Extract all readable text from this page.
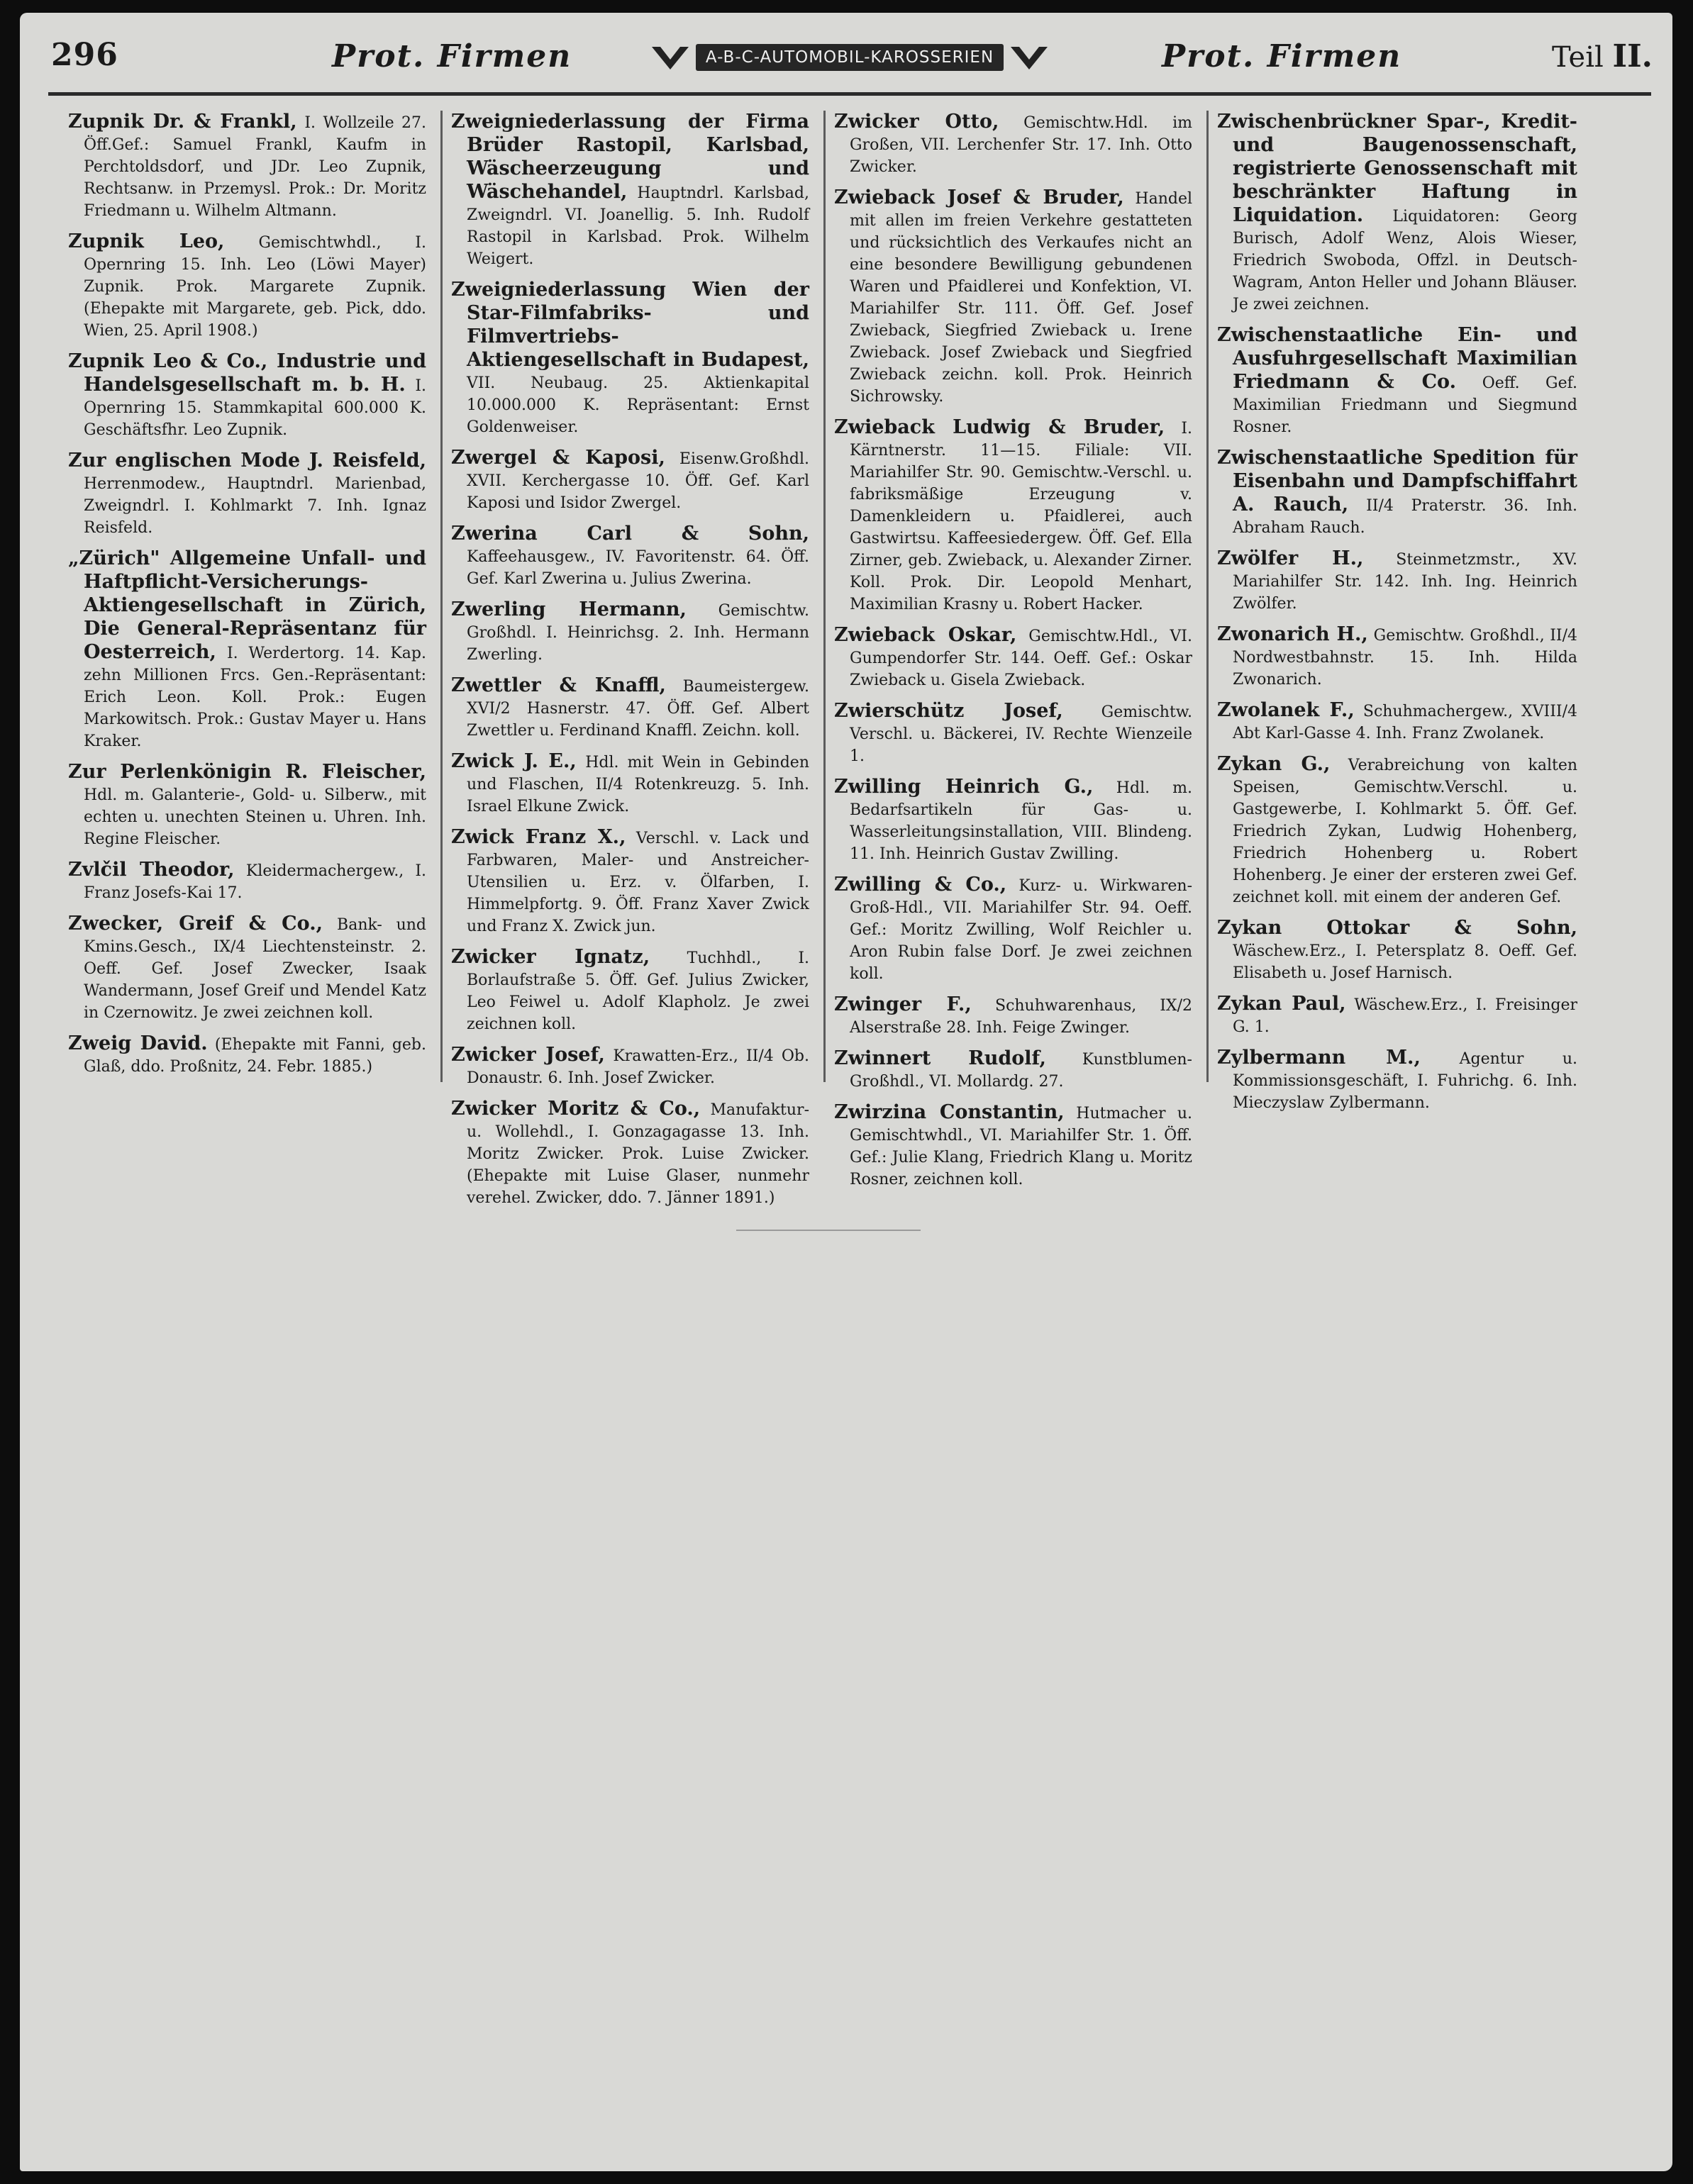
296	Prot. Firmen	A-B-C-AUTOMOBIL-KAROSSERIEN	Prot. Firmen	Teil II.

Zupnik Dr. & Frankl, I. Wollzeile 27. Öff.Gef.: Samuel Frankl, Kaufm in Perchtoldsdorf, und JDr. Leo Zupnik, Rechtsanw. in Przemysl. Prok.: Dr. Moritz Friedmann u. Wilhelm Altmann.

Zupnik Leo, Gemischtwhdl., I. Opernring 15. Inh. Leo (Löwi Mayer) Zupnik. Prok. Margarete Zupnik. (Ehepakte mit Margarete, geb. Pick, ddo. Wien, 25. April 1908.)

Zupnik Leo & Co., Industrie und Handelsgesellschaft m. b. H. I. Opernring 15. Stammkapital 600.000 K. Geschäftsfhr. Leo Zupnik.

Zur englischen Mode J. Reisfeld, Herrenmodew., Hauptndrl. Marienbad, Zweigndrl. I. Kohlmarkt 7. Inh. Ignaz Reisfeld.

„Zürich" Allgemeine Unfall- und Haftpflicht-Versicherungs-Aktiengesellschaft in Zürich, Die General-Repräsentanz für Oesterreich, I. Werdertorg. 14. Kap. zehn Millionen Frcs. Gen.-Repräsentant: Erich Leon. Koll. Prok.: Eugen Markowitsch. Prok.: Gustav Mayer u. Hans Kraker.

Zur Perlenkönigin R. Fleischer, Hdl. m. Galanterie-, Gold- u. Silberw., mit echten u. unechten Steinen u. Uhren. Inh. Regine Fleischer.

Zvlčil Theodor, Kleidermachergew., I. Franz Josefs-Kai 17.

Zwecker, Greif & Co., Bank- und Kmins.Gesch., IX/4 Liechtensteinstr. 2. Oeff. Gef. Josef Zwecker, Isaak Wandermann, Josef Greif und Mendel Katz in Czernowitz. Je zwei zeichnen koll.

Zweig David. (Ehepakte mit Fanni, geb. Glaß, ddo. Proßnitz, 24. Febr. 1885.)

Zweigniederlassung der Firma Brüder Rastopil, Karlsbad, Wäscheerzeugung und Wäschehandel, Hauptndrl. Karlsbad, Zweigndrl. VI. Joanellig. 5. Inh. Rudolf Rastopil in Karlsbad. Prok. Wilhelm Weigert.

Zweigniederlassung Wien der Star-Filmfabriks- und Filmvertriebs-Aktiengesellschaft in Budapest, VII. Neubaug. 25. Aktienkapital 10.000.000 K. Repräsentant: Ernst Goldenweiser.

Zwergel & Kaposi, Eisenw.Großhdl. XVII. Kerchergasse 10. Öff. Gef. Karl Kaposi und Isidor Zwergel.

Zwerina Carl & Sohn, Kaffeehausgew., IV. Favoritenstr. 64. Öff. Gef. Karl Zwerina u. Julius Zwerina.

Zwerling Hermann, Gemischtw. Großhdl. I. Heinrichsg. 2. Inh. Hermann Zwerling.

Zwettler & Knaffl, Baumeistergew. XVI/2 Hasnerstr. 47. Öff. Gef. Albert Zwettler u. Ferdinand Knaffl. Zeichn. koll.

Zwick J. E., Hdl. mit Wein in Gebinden und Flaschen, II/4 Rotenkreuzg. 5. Inh. Israel Elkune Zwick.

Zwick Franz X., Verschl. v. Lack und Farbwaren, Maler- und Anstreicher-Utensilien u. Erz. v. Ölfarben, I. Himmelpfortg. 9. Öff. Franz Xaver Zwick und Franz X. Zwick jun.

Zwicker Ignatz, Tuchhdl., I. Borlaufstraße 5. Öff. Gef. Julius Zwicker, Leo Feiwel u. Adolf Klapholz. Je zwei zeichnen koll.

Zwicker Josef, Krawatten-Erz., II/4 Ob. Donaustr. 6. Inh. Josef Zwicker.

Zwicker Moritz & Co., Manufaktur- u. Wollehdl., I. Gonzagagasse 13. Inh. Moritz Zwicker. Prok. Luise Zwicker. (Ehepakte mit Luise Glaser, nunmehr verehel. Zwicker, ddo. 7. Jänner 1891.)

Zwicker Otto, Gemischtw.Hdl. im Großen, VII. Lerchenfer Str. 17. Inh. Otto Zwicker.

Zwieback Josef & Bruder, Handel mit allen im freien Verkehre gestatteten und rücksichtlich des Verkaufes nicht an eine besondere Bewilligung gebundenen Waren und Pfaidlerei und Konfektion, VI. Mariahilfer Str. 111. Öff. Gef. Josef Zwieback, Siegfried Zwieback u. Irene Zwieback. Josef Zwieback und Siegfried Zwieback zeichn. koll. Prok. Heinrich Sichrowsky.

Zwieback Ludwig & Bruder, I. Kärntnerstr. 11—15. Filiale: VII. Mariahilfer Str. 90. Gemischtw.-Verschl. u. fabriksmäßige Erzeugung v. Damenkleidern u. Pfaidlerei, auch Gastwirtsu. Kaffeesiedergew. Öff. Gef. Ella Zirner, geb. Zwieback, u. Alexander Zirner. Koll. Prok. Dir. Leopold Menhart, Maximilian Krasny u. Robert Hacker.

Zwieback Oskar, Gemischtw.Hdl., VI. Gumpendorfer Str. 144. Oeff. Gef.: Oskar Zwieback u. Gisela Zwieback.

Zwierschütz Josef, Gemischtw. Verschl. u. Bäckerei, IV. Rechte Wienzeile 1.

Zwilling Heinrich G., Hdl. m. Bedarfsartikeln für Gas- u. Wasserleitungsinstallation, VIII. Blindeng. 11. Inh. Heinrich Gustav Zwilling.

Zwilling & Co., Kurz- u. Wirkwaren-Groß-Hdl., VII. Mariahilfer Str. 94. Oeff. Gef.: Moritz Zwilling, Wolf Reichler u. Aron Rubin false Dorf. Je zwei zeichnen koll.

Zwinger F., Schuhwarenhaus, IX/2 Alserstraße 28. Inh. Feige Zwinger.

Zwinnert Rudolf, Kunstblumen-Großhdl., VI. Mollardg. 27.

Zwirzina Constantin, Hutmacher u. Gemischtwhdl., VI. Mariahilfer Str. 1. Öff. Gef.: Julie Klang, Friedrich Klang u. Moritz Rosner, zeichnen koll.

Zwischenbrückner Spar-, Kredit- und Baugenossenschaft, registrierte Genossenschaft mit beschränkter Haftung in Liquidation. Liquidatoren: Georg Burisch, Adolf Wenz, Alois Wieser, Friedrich Swoboda, Offzl. in Deutsch-Wagram, Anton Heller und Johann Bläuser. Je zwei zeichnen.

Zwischenstaatliche Ein- und Ausfuhrgesellschaft Maximilian Friedmann & Co. Oeff. Gef. Maximilian Friedmann und Siegmund Rosner.

Zwischenstaatliche Spedition für Eisenbahn und Dampfschiffahrt A. Rauch, II/4 Praterstr. 36. Inh. Abraham Rauch.

Zwölfer H., Steinmetzmstr., XV. Mariahilfer Str. 142. Inh. Ing. Heinrich Zwölfer.

Zwonarich H., Gemischtw. Großhdl., II/4 Nordwestbahnstr. 15. Inh. Hilda Zwonarich.

Zwolanek F., Schuhmachergew., XVIII/4 Abt Karl-Gasse 4. Inh. Franz Zwolanek.

Zykan G., Verabreichung von kalten Speisen, Gemischtw.Verschl. u. Gastgewerbe, I. Kohlmarkt 5. Öff. Gef. Friedrich Zykan, Ludwig Hohenberg, Friedrich Hohenberg u. Robert Hohenberg. Je einer der ersteren zwei Gef. zeichnet koll. mit einem der anderen Gef.

Zykan Ottokar & Sohn, Wäschew.Erz., I. Petersplatz 8. Oeff. Gef. Elisabeth u. Josef Harnisch.

Zykan Paul, Wäschew.Erz., I. Freisinger G. 1.

Zylbermann M., Agentur u. Kommissionsgeschäft, I. Fuhrichg. 6. Inh. Mieczyslaw Zylbermann.
